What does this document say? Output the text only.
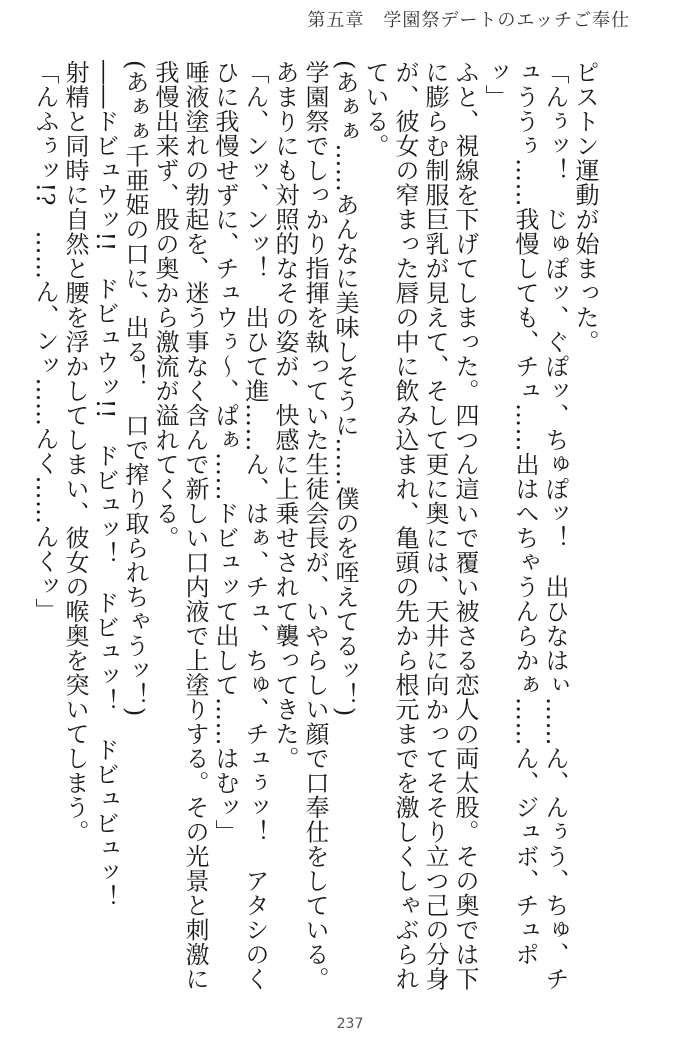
第五章　学園祭デートのエッチご奉仕

ピストン運動が始まった。

「んぅッ！　じゅぽッ、ぐぽッ、ちゅぽッ！　出ひなはぃ……ん、んぅう、ちゅ、チュううぅ……我慢しても、チュ……出はへちゃうんらかぁ……ん、ジュボ、チュポッ」

ふと、視線を下げてしまった。四つん這いで覆い被さる恋人の両太股。その奥では下に膨らむ制服巨乳が見えて、そして更に奥には、天井に向かってそそり立つ己の分身が、彼女の窄まった唇の中に飲み込まれ、亀頭の先から根元までを激しくしゃぶられている。

(あぁぁ……あんなに美味しそうに……僕のを咥えてるッ！)

学園祭でしっかり指揮を執っていた生徒会長が、いやらしい顔で口奉仕をしている。あまりにも対照的なその姿が、快感に上乗せされて襲ってきた。

「ん、ンッ、ンッ！　出ひて進……ん、はぁ、チュ、ちゅ、チュぅッ！　アタシのくひに我慢せずに、チュウぅ〜、ぱぁ……ドビュッて出して……はむッ」

唾液塗れの勃起を、迷う事なく含んで新しい口内液で上塗りする。その光景と刺激に我慢出来ず、股の奥から激流が溢れてくる。

(あぁぁ千亜姫の口に、出る！　口で搾り取られちゃうッ！)

――ドビュウッ!!　ドビュウッ!!　ドビュッ！　ドビュッ！　ドビュビュッ！

射精と同時に自然と腰を浮かしてしまい、彼女の喉奥を突いてしまう。

「んふぅッ!?　……ん、ンッ……んく……んくッ」

237
